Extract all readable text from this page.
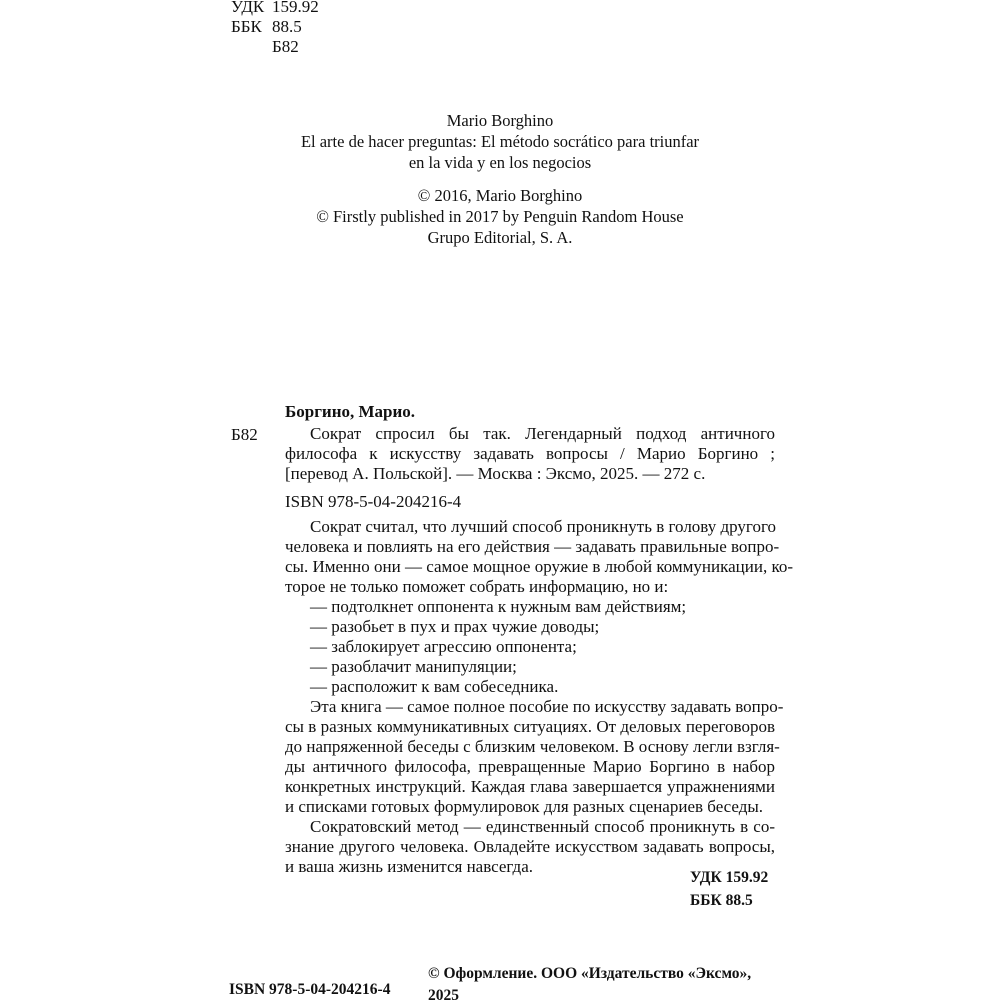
УДК 159.92
ББК 88.5
Б82
Mario Borghino
El arte de hacer preguntas: El método socrático para triunfar
en la vida y en los negocios
© 2016, Mario Borghino
© Firstly published in 2017 by Penguin Random House
Grupo Editorial, S. A.
Боргино, Марио.
Б82	Сократ спросил бы так. Легендарный подход античного
философа к искусству задавать вопросы / Марио Боргино ;
[перевод А. Польской]. — Москва : Эксмо, 2025. — 272 с.
ISBN 978-5-04-204216-4
Сократ считал, что лучший способ проникнуть в голову другого
человека и повлиять на его действия — задавать правильные вопро-
сы. Именно они — самое мощное оружие в любой коммуникации, ко-
торое не только поможет собрать информацию, но и:
— подтолкнет оппонента к нужным вам действиям;
— разобьет в пух и прах чужие доводы;
— заблокирует агрессию оппонента;
— разоблачит манипуляции;
— расположит к вам собеседника.
Эта книга — самое полное пособие по искусству задавать вопро-
сы в разных коммуникативных ситуациях. От деловых переговоров
до напряженной беседы с близким человеком. В основу легли взгля-
ды античного философа, превращенные Марио Боргино в набор
конкретных инструкций. Каждая глава завершается упражнениями
и списками готовых формулировок для разных сценариев беседы.
Сократовский метод — единственный способ проникнуть в со-
знание другого человека. Овладейте искусством задавать вопросы,
и ваша жизнь изменится навсегда.
УДК 159.92
ББК 88.5
ISBN 978-5-04-204216-4
© Оформление. ООО «Издательство «Эксмо»,
2025
